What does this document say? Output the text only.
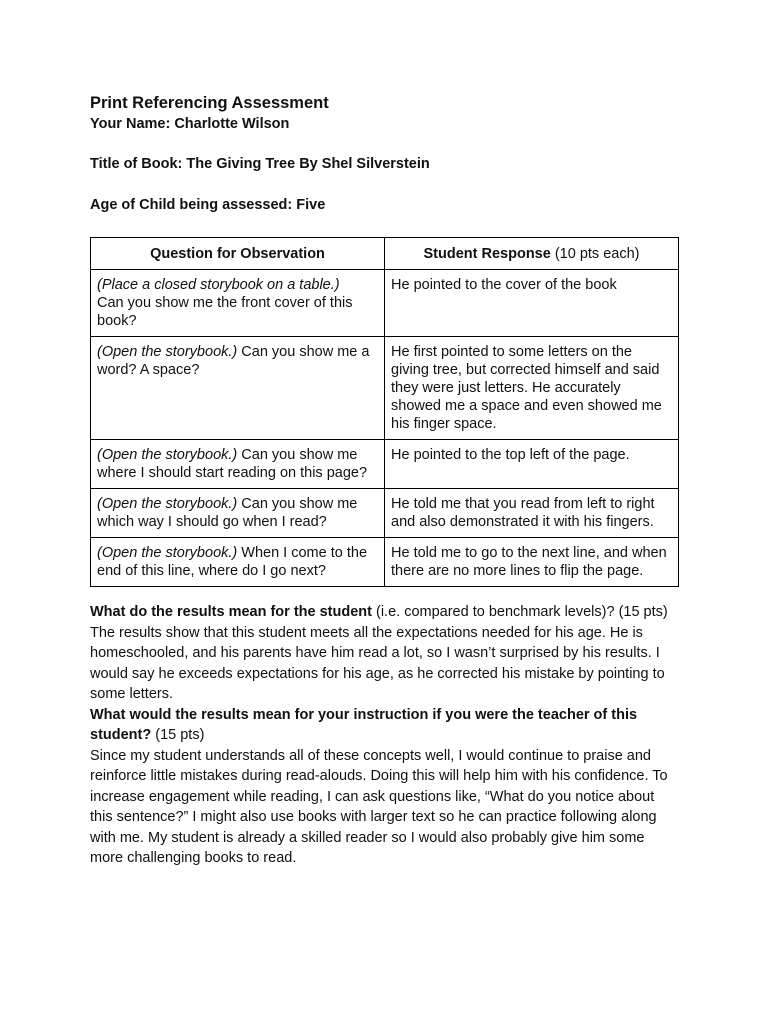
Print Referencing Assessment

Your Name: Charlotte Wilson

Title of Book: The Giving Tree By Shel Silverstein

Age of Child being assessed: Five

Question for Observation	Student Response (10 pts each)
(Place a closed storybook on a table.)
Can you show me the front cover of this book?	He pointed to the cover of the book
(Open the storybook.) Can you show me a word? A space?	He first pointed to some letters on the giving tree, but corrected himself and said they were just letters. He accurately showed me a space and even showed me his finger space.
(Open the storybook.) Can you show me where I should start reading on this page?	He pointed to the top left of the page.
(Open the storybook.) Can you show me which way I should go when I read?	He told me that you read from left to right and also demonstrated it with his fingers.
(Open the storybook.) When I come to the end of this line, where do I go next?	He told me to go to the next line, and when there are no more lines to flip the page.

What do the results mean for the student (i.e. compared to benchmark levels)? (15 pts)

The results show that this student meets all the expectations needed for his age. He is homeschooled, and his parents have him read a lot, so I wasn’t surprised by his results. I would say he exceeds expectations for his age, as he corrected his mistake by pointing to some letters.

What would the results mean for your instruction if you were the teacher of this student? (15 pts)

Since my student understands all of these concepts well, I would continue to praise and reinforce little mistakes during read-alouds. Doing this will help him with his confidence. To increase engagement while reading, I can ask questions like, “What do you notice about this sentence?” I might also use books with larger text so he can practice following along with me. My student is already a skilled reader so I would also probably give him some more challenging books to read.
